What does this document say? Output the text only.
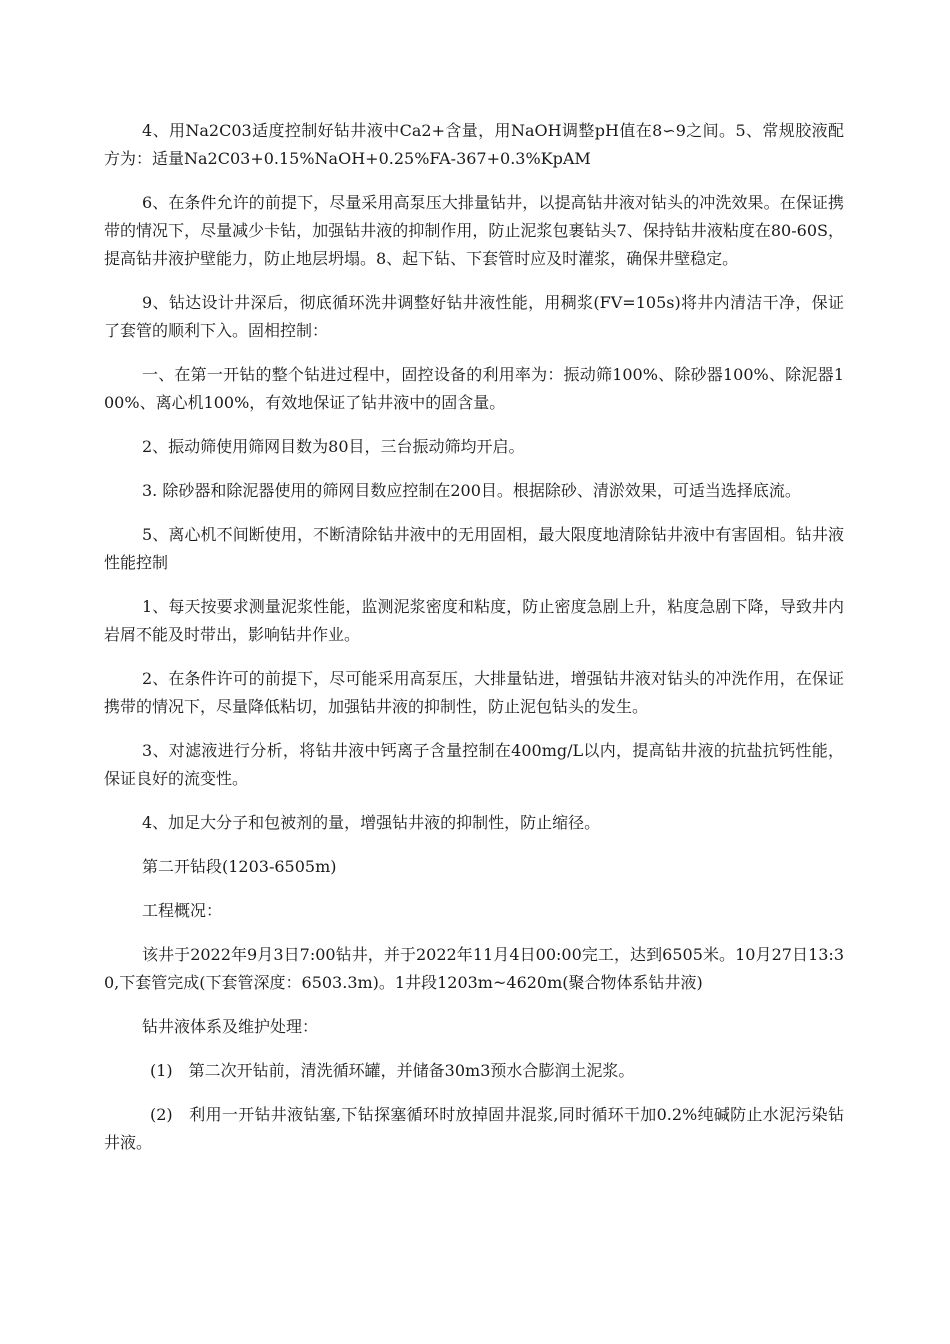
4、用Na2C03适度控制好钻井液中Ca2+含量，用NaOH调整pH值在8∽9之间。5、常规胶液配方为：适量Na2C03+0.15%NaOH+0.25%FA-367+0.3%KpAM

6、在条件允许的前提下，尽量采用高泵压大排量钻井，以提高钻井液对钻头的冲洗效果。在保证携带的情况下，尽量减少卡钻，加强钻井液的抑制作用，防止泥浆包裹钻头7、保持钻井液粘度在80-60S，提高钻井液护壁能力，防止地层坍塌。8、起下钻、下套管时应及时灌浆，确保井壁稳定。

9、钻达设计井深后，彻底循环洗井调整好钻井液性能，用稠浆(FV=105s)将井内清洁干净，保证了套管的顺利下入。固相控制：

一、在第一开钻的整个钻进过程中，固控设备的利用率为：振动筛100%、除砂器100%、除泥器100%、离心机100%，有效地保证了钻井液中的固含量。

2、振动筛使用筛网目数为80目，三台振动筛均开启。

3. 除砂器和除泥器使用的筛网目数应控制在200目。根据除砂、清淤效果，可适当选择底流。

5、离心机不间断使用，不断清除钻井液中的无用固相，最大限度地清除钻井液中有害固相。钻井液性能控制

1、每天按要求测量泥浆性能，监测泥浆密度和粘度，防止密度急剧上升，粘度急剧下降，导致井内岩屑不能及时带出，影响钻井作业。

2、在条件许可的前提下，尽可能采用高泵压，大排量钻进，增强钻井液对钻头的冲洗作用，在保证携带的情况下，尽量降低粘切，加强钻井液的抑制性，防止泥包钻头的发生。

3、对滤液进行分析，将钻井液中钙离子含量控制在400mg/L以内，提高钻井液的抗盐抗钙性能，保证良好的流变性。

4、加足大分子和包被剂的量，增强钻井液的抑制性，防止缩径。

第二开钻段(1203-6505m)

工程概况：

该井于2022年9月3日7:00钻井，并于2022年11月4日00:00完工，达到6505米。10月27日13:30,下套管完成(下套管深度：6503.3m)。1井段1203m~4620m(聚合物体系钻井液)

钻井液体系及维护处理：

(1)　第二次开钻前，清洗循环罐，并储备30m3预水合膨润土泥浆。

(2)　利用一开钻井液钻塞,下钻探塞循环时放掉固井混浆,同时循环干加0.2%纯碱防止水泥污染钻井液。
